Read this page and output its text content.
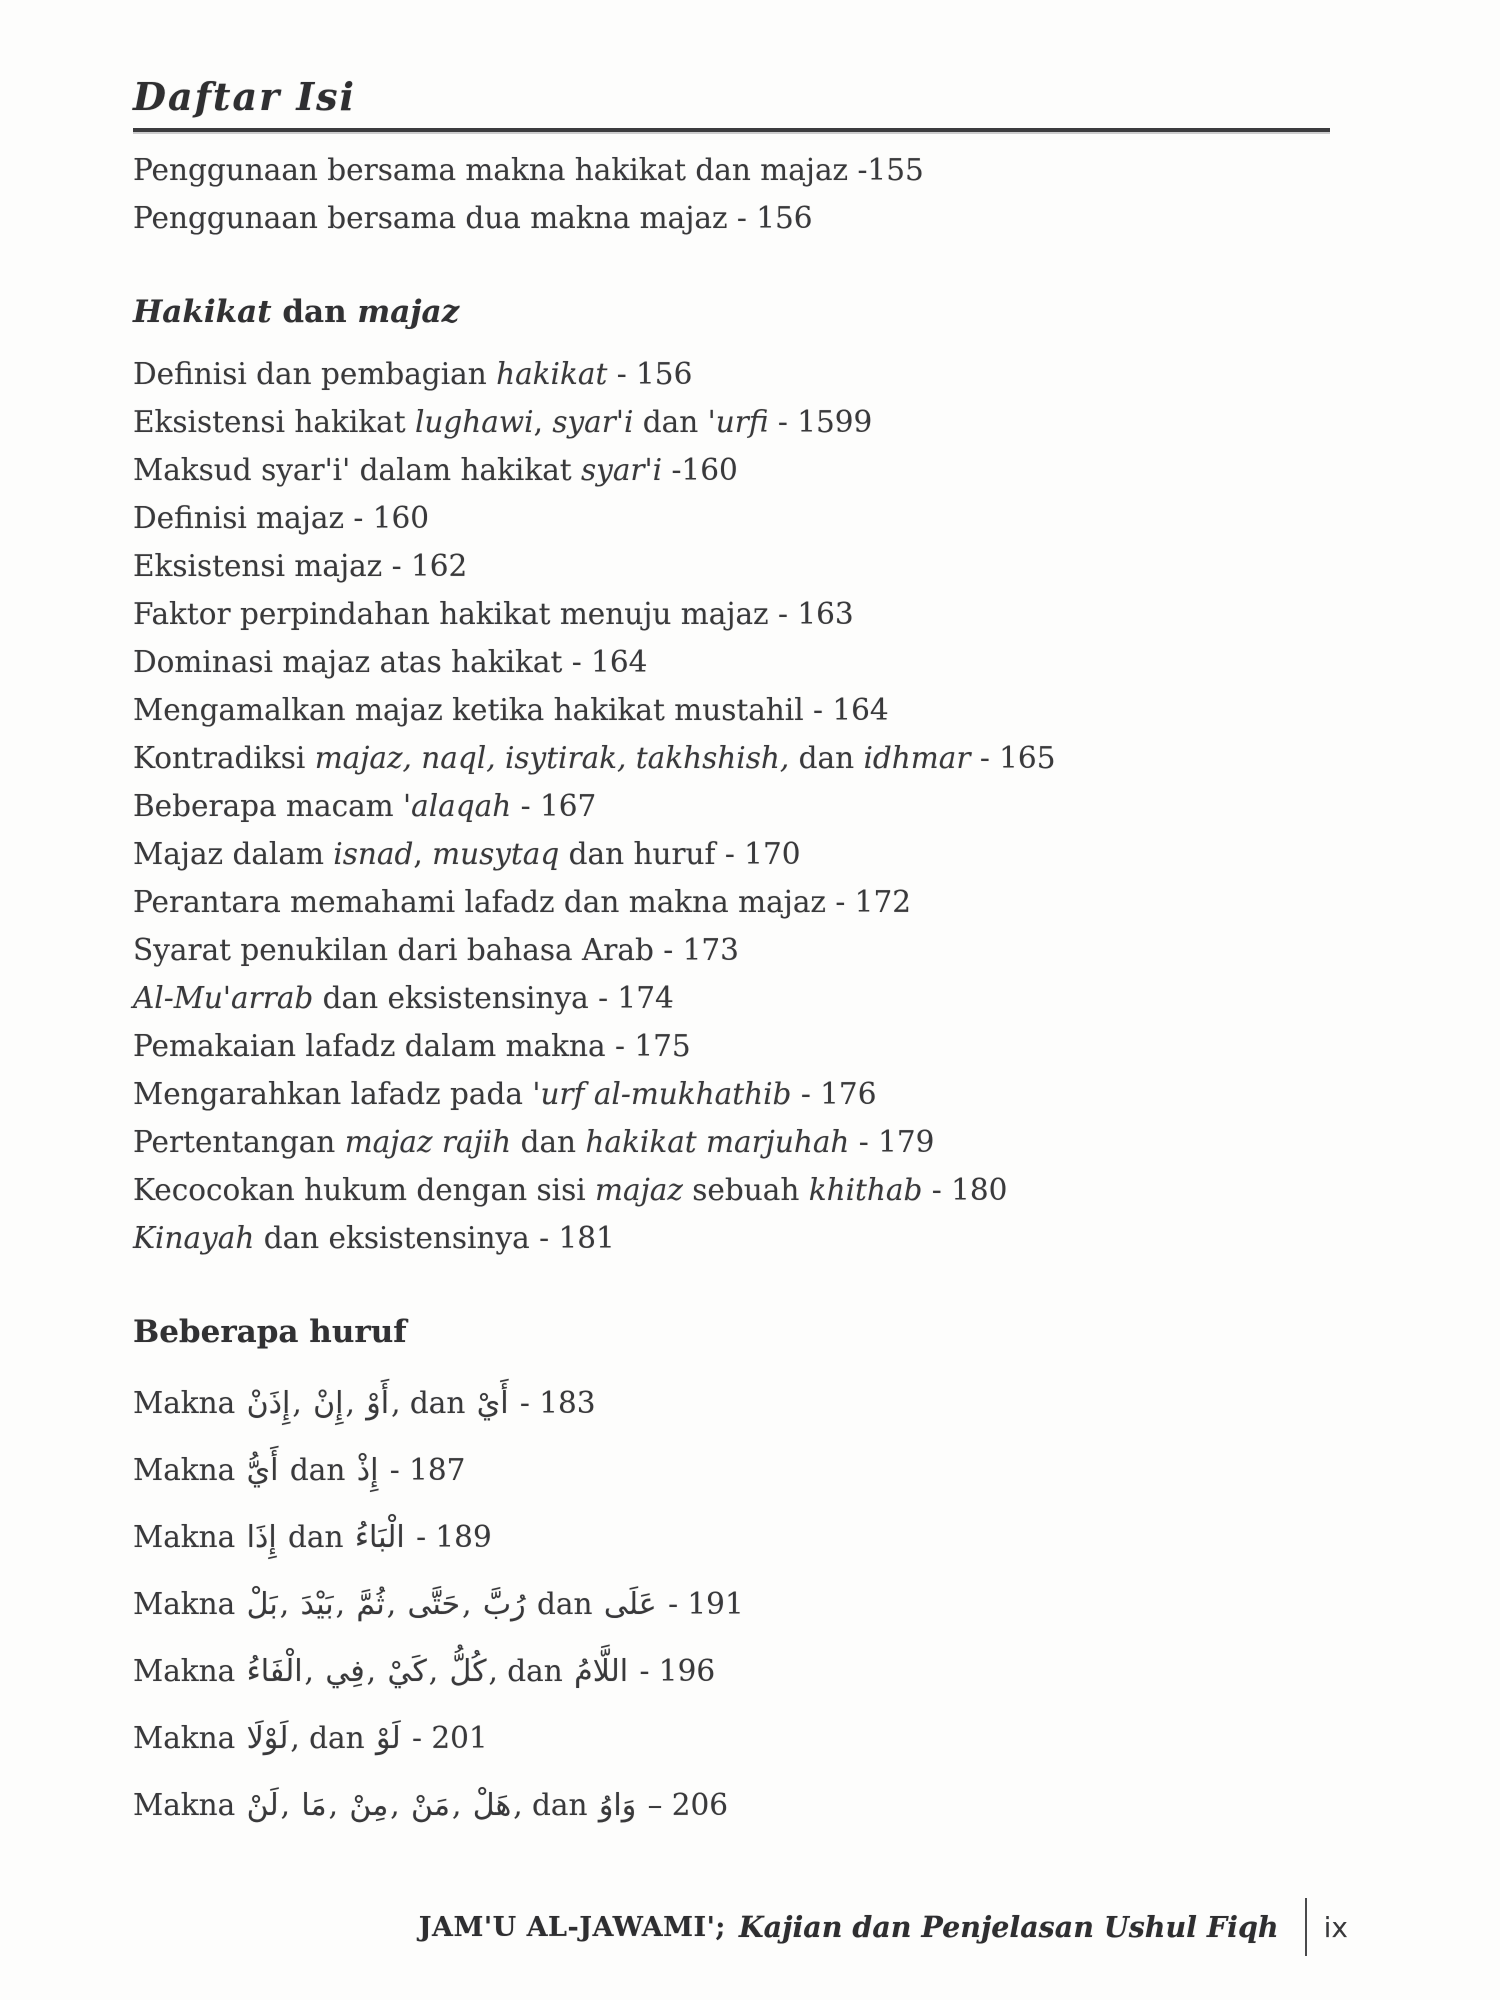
Daftar Isi
Penggunaan bersama makna hakikat dan majaz -155
Penggunaan bersama dua makna majaz - 156
Hakikat dan majaz
Definisi dan pembagian hakikat - 156
Eksistensi hakikat lughawi, syar'i dan 'urfi - 1599
Maksud syar'i' dalam hakikat syar'i -160
Definisi majaz - 160
Eksistensi majaz - 162
Faktor perpindahan hakikat menuju majaz - 163
Dominasi majaz atas hakikat - 164
Mengamalkan majaz ketika hakikat mustahil - 164
Kontradiksi majaz, naql, isytirak, takhshish, dan idhmar - 165
Beberapa macam 'alaqah - 167
Majaz dalam isnad, musytaq dan huruf - 170
Perantara memahami lafadz dan makna majaz - 172
Syarat penukilan dari bahasa Arab - 173
Al-Mu'arrab dan eksistensinya - 174
Pemakaian lafadz dalam makna - 175
Mengarahkan lafadz pada 'urf al-mukhathib - 176
Pertentangan majaz rajih dan hakikat marjuhah - 179
Kecocokan hukum dengan sisi majaz sebuah khithab - 180
Kinayah dan eksistensinya - 181
Beberapa huruf
Makna إِذَنْ, إِنْ, أَوْ, dan أَيْ - 183
Makna أَيُّ dan إِذْ - 187
Makna إِذَا dan الْبَاءُ - 189
Makna بَلْ, بَيْدَ, ثُمَّ, حَتَّى, رُبَّ dan عَلَى - 191
Makna الْفَاءُ, فِي, كَيْ, كُلُّ, dan اللَّامُ - 196
Makna لَوْلَا, dan لَوْ - 201
Makna لَنْ, مَا, مِنْ, مَنْ, هَلْ, dan وَاوُ – 206
JAM'U AL-JAWAMI'; Kajian dan Penjelasan Ushul Fiqh ix
